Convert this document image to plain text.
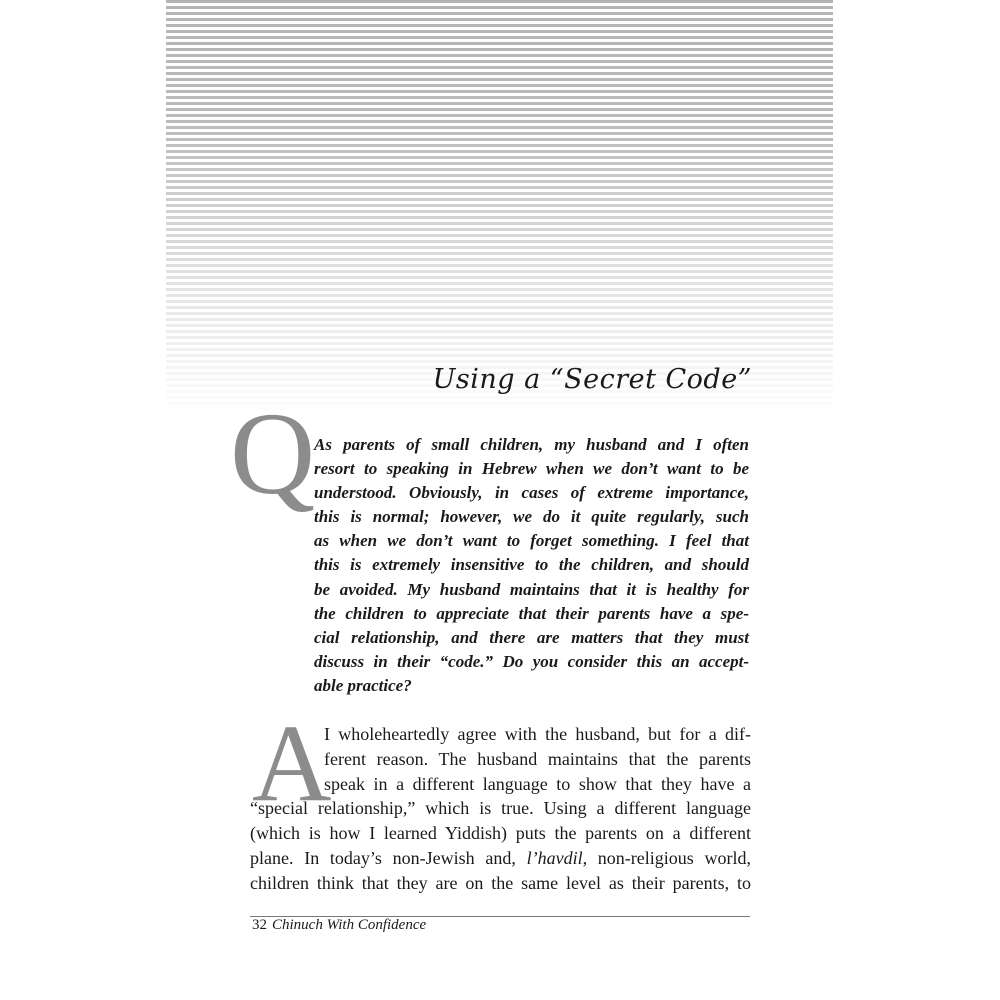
Using a “Secret Code”
Q
As parents of small children, my husband and I often
resort to speaking in Hebrew when we don’t want to be
understood. Obviously, in cases of extreme importance,
this is normal; however, we do it quite regularly, such
as when we don’t want to forget something. I feel that
this is extremely insensitive to the children, and should
be avoided. My husband maintains that it is healthy for
the children to appreciate that their parents have a spe-
cial relationship, and there are matters that they must
discuss in their “code.” Do you consider this an accept-
able practice?
A
I wholeheartedly agree with the husband, but for a dif-
ferent reason. The husband maintains that the parents
speak in a different language to show that they have a
“special relationship,” which is true. Using a different language
(which is how I learned Yiddish) puts the parents on a different
plane. In today’s non-Jewish and, l’havdil, non-religious world,
children think that they are on the same level as their parents, to
32 Chinuch With Confidence
